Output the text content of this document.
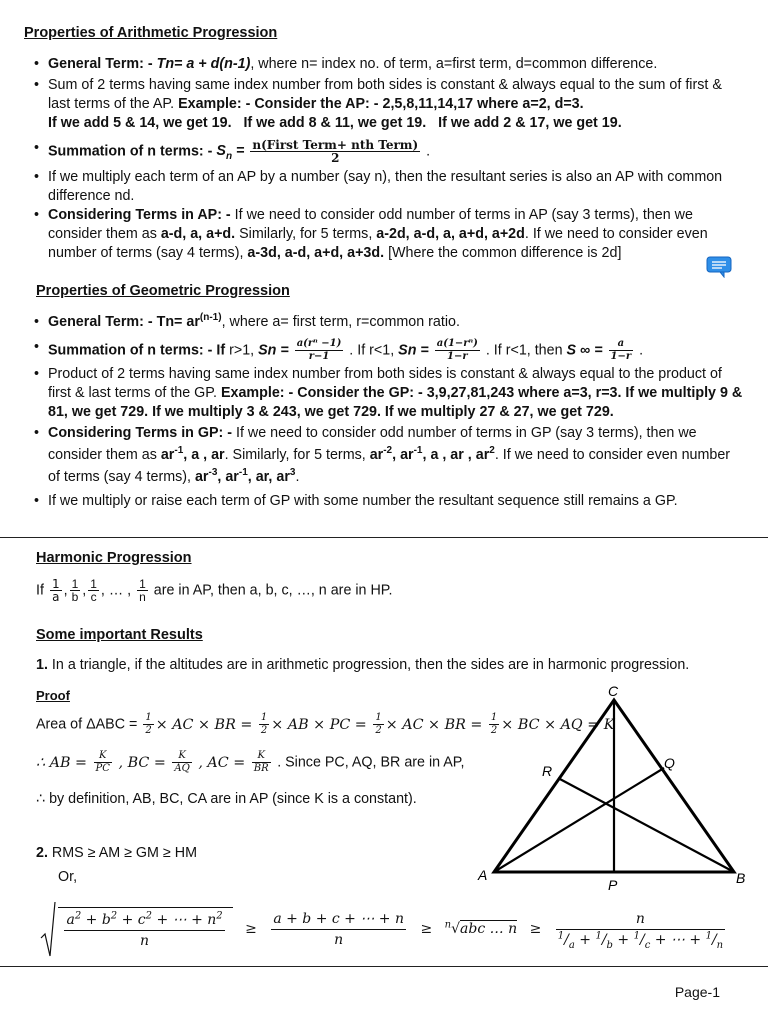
Properties of Arithmetic Progression
• General Term: - Tn= a + d(n-1), where n= index no. of term, a=first term, d=common difference.
• Sum of 2 terms having same index number from both sides is constant & always equal to the sum of first & last terms of the AP. Example: - Consider the AP: - 2,5,8,11,14,17 where a=2, d=3.
If we add 5 & 14, we get 19.   If we add 8 & 11, we get 19.   If we add 2 & 17, we get 19.
• Summation of n terms: - $S_n = \frac{\text{n(First Term+ nth Term)}}{2}$ .
• If we multiply each term of an AP by a number (say n), then the resultant series is also an AP with common difference nd.
• Considering Terms in AP: - If we need to consider odd number of terms in AP (say 3 terms), then we consider them as a-d, a, a+d. Similarly, for 5 terms, a-2d, a-d, a, a+d, a+2d. If we need to consider even number of terms (say 4 terms), a-3d, a-d, a+d, a+3d. [Where the common difference is 2d]
Properties of Geometric Progression
• General Term: - $Tn= ar^{(n-1)}$, where a= first term, r=common ratio.
• Summation of n terms: - If r>1, $Sn = \frac{\text{a(rⁿ −1)}}{r-1}$ . If r<1, $Sn = \frac{\text{a(1−rⁿ)}}{1-r}$ . If r<1, then S ∞ = $\frac{a}{1-r}$ .
• Product of 2 terms having same index number from both sides is constant & always equal to the product of first & last terms of the GP. Example: - Consider the GP: - 3,9,27,81,243 where a=3, r=3. If we multiply 9 & 81, we get 729. If we multiply 3 & 243, we get 729. If we multiply 27 & 27, we get 729.
• Considering Terms in GP: - If we need to consider odd number of terms in GP (say 3 terms), then we consider them as $ar^{-1}$, a , ar. Similarly, for 5 terms, $ar^{-2}$, $ar^{-1}$, a , ar , $ar^2$. If we need to consider even number of terms (say 4 terms), $ar^{-3}$, $ar^{-1}$, ar, $ar^3$.
• If we multiply or raise each term of GP with some number the resultant sequence still remains a GP.
Harmonic Progression
If $\frac{1}{a}$ , $\frac{1}{b}$ , $\frac{1}{c}$ , … , $\frac{1}{n}$ are in AP, then a, b, c, …, n are in HP.
Some important Results
1. In a triangle, if the altitudes are in arithmetic progression, then the sides are in harmonic progression.
Proof
Area of $\Delta ABC = \frac{1}{2}$ × AC × BR = $\frac{1}{2}$ × AB × PC = $\frac{1}{2}$ × AC × BR = $\frac{1}{2}$ × BC × AQ = K
∴ AB = $\frac{K}{PC}$ , BC = $\frac{K}{AQ}$ , AC = $\frac{K}{BR}$ . Since PC, AQ, BR are in AP,
∴ by definition, AB, BC, CA are in AP (since K is a constant).
2. RMS ≥ AM ≥ GM ≥ HM
Or,

$\frac{a^2 + b^2 + c^2 + \cdots + n^2}{n} \ge \frac{a + b + c + \cdots + n}{n} \ge ^n√abc$ … $n \ge \frac{n}{^1/_a + ^1/_b + ^1/_c + \cdots + ^1/_n}$
C
A	B
P
Q
R
Page-1
